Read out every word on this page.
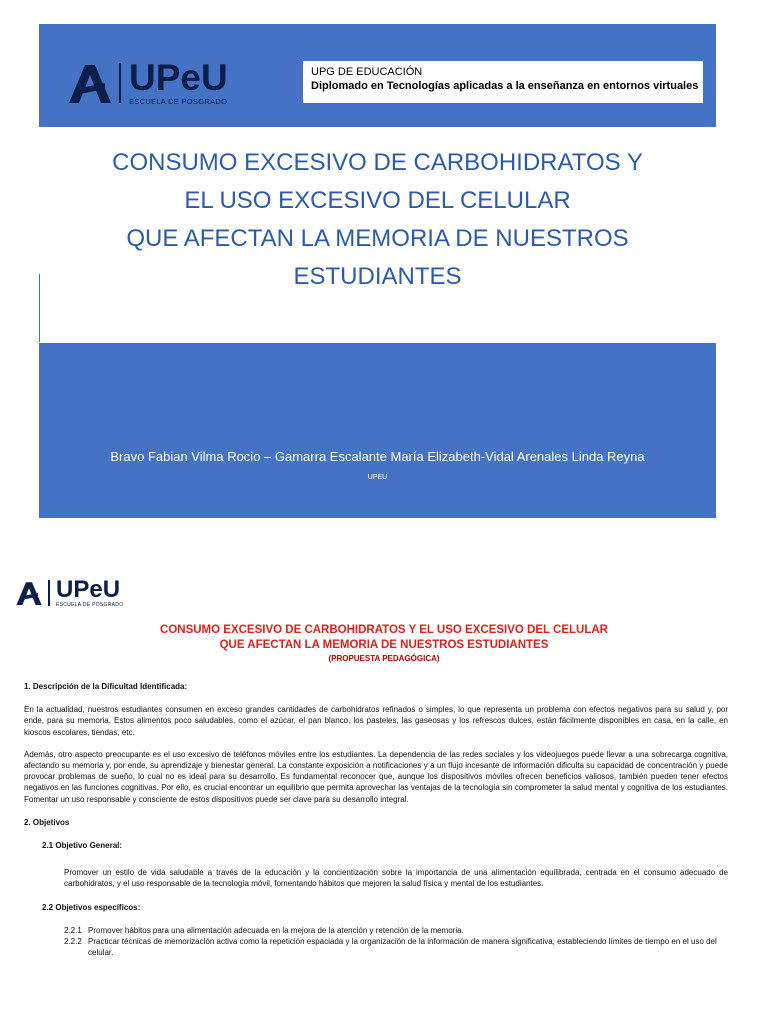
UPeU
ESCUELA DE POSGRADO
UPG DE EDUCACIÓN
Diplomado en Tecnologías aplicadas a la enseñanza en entornos virtuales
CONSUMO EXCESIVO DE CARBOHIDRATOS Y
EL USO EXCESIVO DEL CELULAR
QUE AFECTAN LA MEMORIA DE NUESTROS
ESTUDIANTES
Bravo Fabian Vilma Rocio – Gamarra Escalante María Elizabeth-Vidal Arenales Linda Reyna
UPEU
UPeU
ESCUELA DE POSGRADO
CONSUMO EXCESIVO DE CARBOHIDRATOS Y EL USO EXCESIVO DEL CELULAR
QUE AFECTAN LA MEMORIA DE NUESTROS ESTUDIANTES
(PROPUESTA PEDAGÓGICA)
1. Descripción de la Dificultad Identificada:

En la actualidad, nuestros estudiantes consumen en exceso grandes cantidades de carbohidratos refinados o simples, lo que representa un problema con efectos negativos para su salud y, por ende, para su memoria. Estos alimentos poco saludables, como el azúcar, el pan blanco, los pasteles, las gaseosas y los refrescos dulces, están fácilmente disponibles en casa, en la calle, en kioscos escolares, tiendas, etc.

Además, otro aspecto preocupante es el uso excesivo de teléfonos móviles entre los estudiantes. La dependencia de las redes sociales y los videojuegos puede llevar a una sobrecarga cognitiva, afectando su memoria y, por ende, su aprendizaje y bienestar general. La constante exposición a notificaciones y a un flujo incesante de información dificulta su capacidad de concentración y puede provocar problemas de sueño, lo cual no es ideal para su desarrollo. Es fundamental reconocer que, aunque los dispositivos móviles ofrecen beneficios valiosos, también pueden tener efectos negativos en las funciones cognitivas. Por ello, es crucial encontrar un equilibrio que permita aprovechar las ventajas de la tecnología sin comprometer la salud mental y cognitiva de los estudiantes. Fomentar un uso responsable y consciente de estos dispositivos puede ser clave para su desarrollo integral.

2. Objetivos
2.1 Objetivo General:

Promover un estilo de vida saludable a través de la educación y la concientización sobre la importancia de una alimentación equilibrada, centrada en el consumo adecuado de carbohidratos, y el uso responsable de la tecnología móvil, fomentando hábitos que mejoren la salud física y mental de los estudiantes.

2.2 Objetivos específicos:
2.2.1 Promover hábitos para una alimentación adecuada en la mejora de la atención y retención de la memoria.
2.2.2 Practicar técnicas de memorización activa como la repetición espaciada y la organización de la información de manera significativa, estableciendo límites de tiempo en el uso del celular.
